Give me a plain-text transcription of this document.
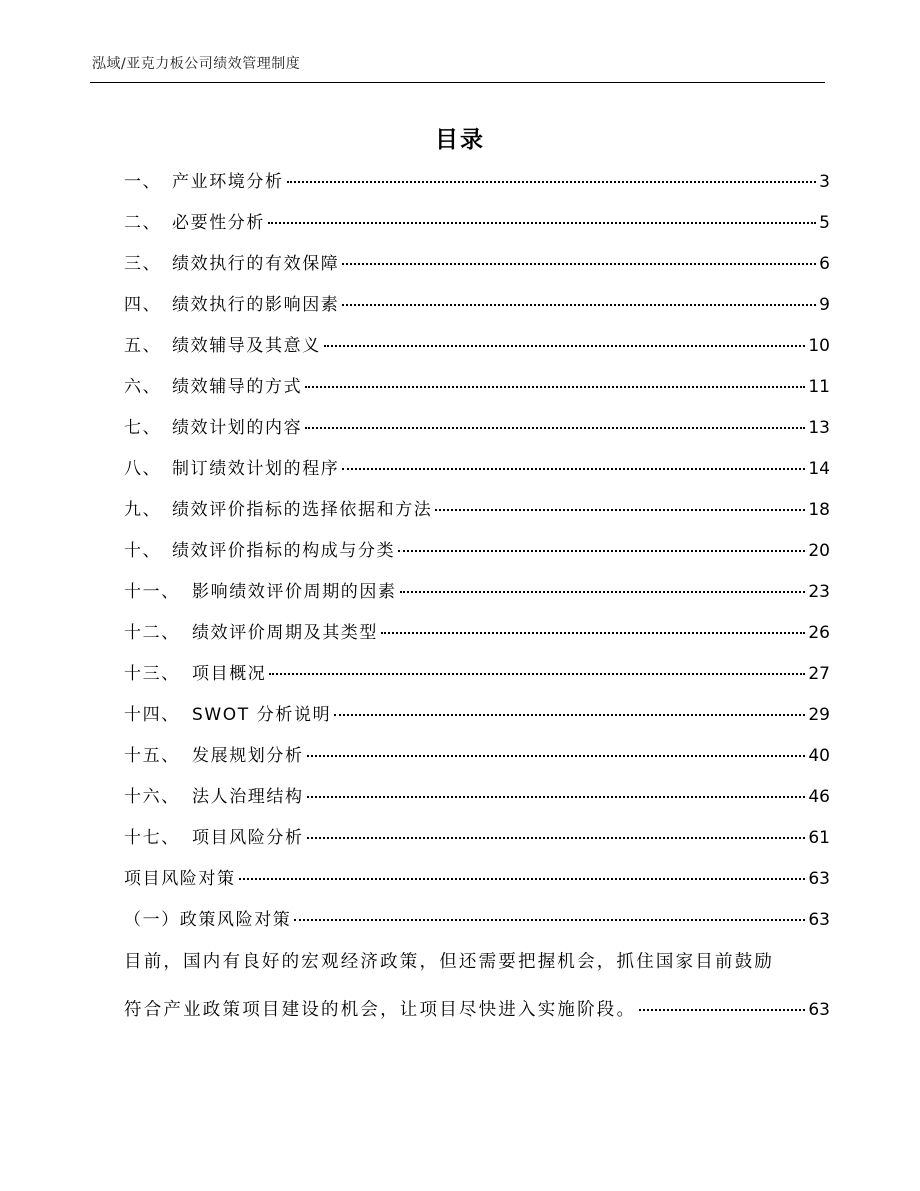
泓域/亚克力板公司绩效管理制度
目录
一、 产业环境分析	3
二、 必要性分析	5
三、 绩效执行的有效保障	6
四、 绩效执行的影响因素	9
五、 绩效辅导及其意义	10
六、 绩效辅导的方式	11
七、 绩效计划的内容	13
八、 制订绩效计划的程序	14
九、 绩效评价指标的选择依据和方法	18
十、 绩效评价指标的构成与分类	20
十一、 影响绩效评价周期的因素	23
十二、 绩效评价周期及其类型	26
十三、 项目概况	27
十四、 SWOT 分析说明	29
十五、 发展规划分析	40
十六、 法人治理结构	46
十七、 项目风险分析	61
项目风险对策	63
（一）政策风险对策	63
目前，国内有良好的宏观经济政策，但还需要把握机会，抓住国家目前鼓励
符合产业政策项目建设的机会，让项目尽快进入实施阶段。	63
